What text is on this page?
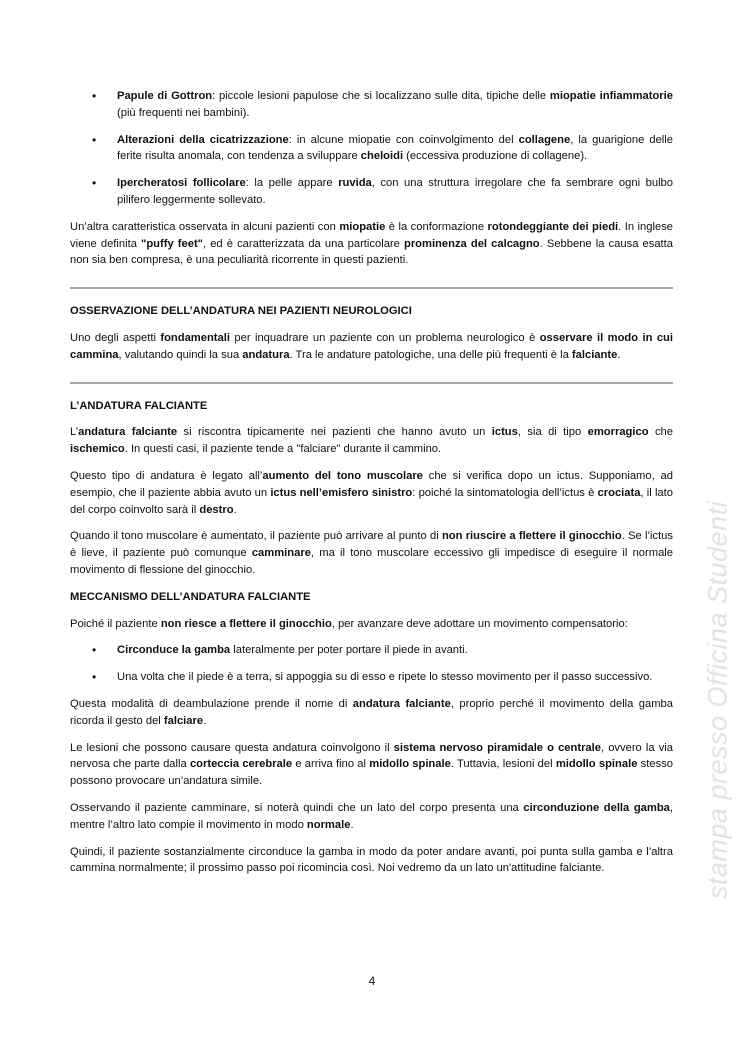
• Papule di Gottron: piccole lesioni papulose che si localizzano sulle dita, tipiche delle miopatie infiammatorie (più frequenti nei bambini).
• Alterazioni della cicatrizzazione: in alcune miopatie con coinvolgimento del collagene, la guarigione delle ferite risulta anomala, con tendenza a sviluppare cheloidi (eccessiva produzione di collagene).
• Ipercheratosi follicolare: la pelle appare ruvida, con una struttura irregolare che fa sembrare ogni bulbo pilifero leggermente sollevato.

Un’altra caratteristica osservata in alcuni pazienti con miopatie è la conformazione rotondeggiante dei piedi. In inglese viene definita "puffy feet", ed è caratterizzata da una particolare prominenza del calcagno. Sebbene la causa esatta non sia ben compresa, è una peculiarità ricorrente in questi pazienti.

OSSERVAZIONE DELL’ANDATURA NEI PAZIENTI NEUROLOGICI

Uno degli aspetti fondamentali per inquadrare un paziente con un problema neurologico è osservare il modo in cui cammina, valutando quindi la sua andatura. Tra le andature patologiche, una delle più frequenti è la falciante.

L’ANDATURA FALCIANTE

L’andatura falciante si riscontra tipicamente nei pazienti che hanno avuto un ictus, sia di tipo emorragico che ischemico. In questi casi, il paziente tende a "falciare" durante il cammino.

Questo tipo di andatura è legato all’aumento del tono muscolare che si verifica dopo un ictus. Supponiamo, ad esempio, che il paziente abbia avuto un ictus nell’emisfero sinistro: poiché la sintomatologia dell’ictus è crociata, il lato del corpo coinvolto sarà il destro.

Quando il tono muscolare è aumentato, il paziente può arrivare al punto di non riuscire a flettere il ginocchio. Se l’ictus è lieve, il paziente può comunque camminare, ma il tono muscolare eccessivo gli impedisce di eseguire il normale movimento di flessione del ginocchio.

MECCANISMO DELL’ANDATURA FALCIANTE

Poiché il paziente non riesce a flettere il ginocchio, per avanzare deve adottare un movimento compensatorio:

• Circonduce la gamba lateralmente per poter portare il piede in avanti.
• Una volta che il piede è a terra, si appoggia su di esso e ripete lo stesso movimento per il passo successivo.

Questa modalità di deambulazione prende il nome di andatura falciante, proprio perché il movimento della gamba ricorda il gesto del falciare.

Le lesioni che possono causare questa andatura coinvolgono il sistema nervoso piramidale o centrale, ovvero la via nervosa che parte dalla corteccia cerebrale e arriva fino al midollo spinale. Tuttavia, lesioni del midollo spinale stesso possono provocare un’andatura simile.

Osservando il paziente camminare, si noterà quindi che un lato del corpo presenta una circonduzione della gamba, mentre l’altro lato compie il movimento in modo normale.

Quindi, il paziente sostanzialmente circonduce la gamba in modo da poter andare avanti, poi punta sulla gamba e l’altra cammina normalmente; il prossimo passo poi ricomincia così. Noi vedremo da un lato un'attitudine falciante.

4
stampa presso Officina Studenti
